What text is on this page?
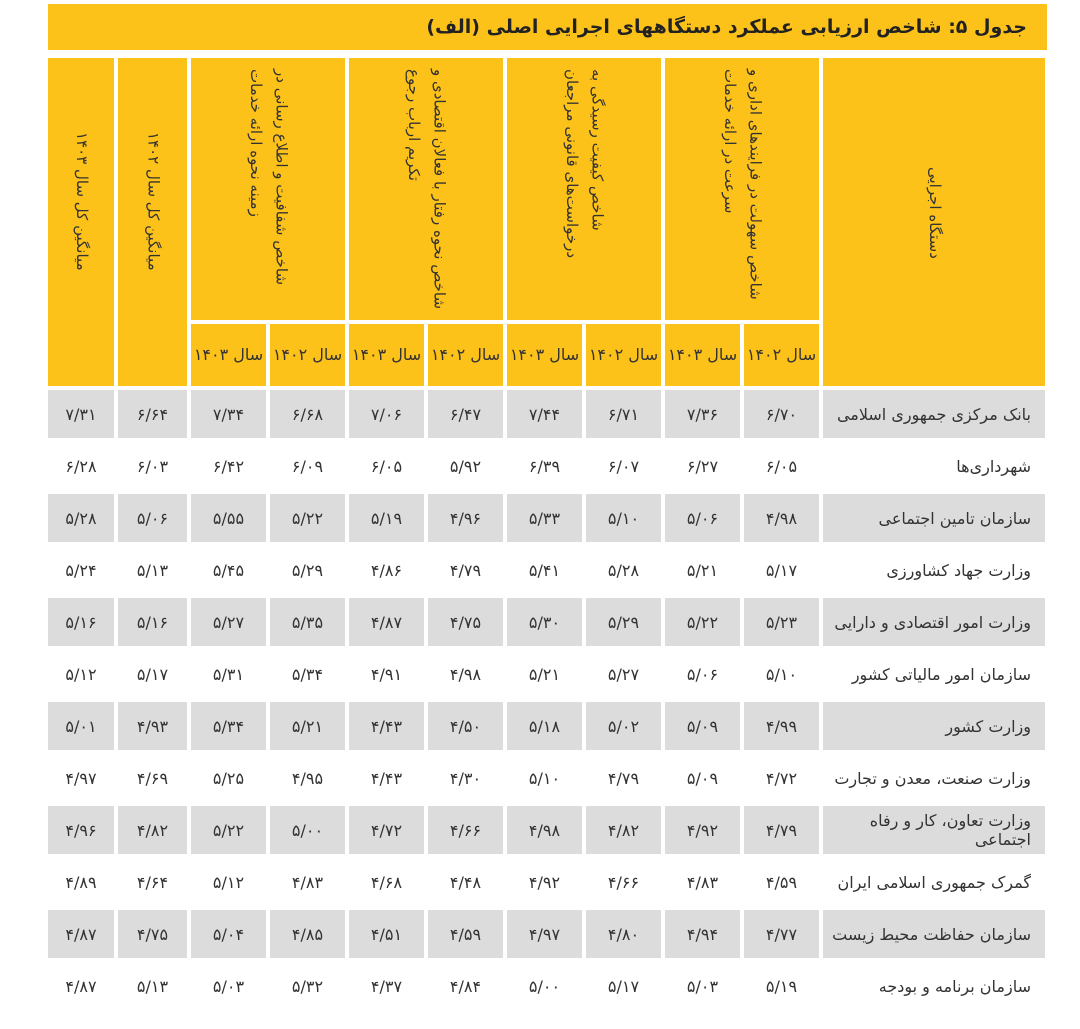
جدول ۵: شاخص ارزیابی عملکرد دستگاههای اجرایی اصلی (الف)
میانگین کل سال ۱۴۰۳	میانگین کل سال ۱۴۰۲	شاخص شفافیت و اطلاع رسانی در زمینه نحوه ارائه خدمات		شاخص نحوه رفتار با فعالان اقتصادی و تکریم ارباب رجوع		شاخص کیفیت رسیدگی به درخواست‌های قانونی مراجعان		شاخص سهولت در فرایندهای اداری و سرعت در ارائه خدمات		دستگاه اجرایی

		سال ۱۴۰۳	سال ۱۴۰۲	سال ۱۴۰۳	سال ۱۴۰۲	سال ۱۴۰۳	سال ۱۴۰۲	سال ۱۴۰۳	سال ۱۴۰۲	
۷/۳۱	۶/۶۴	۷/۳۴	۶/۶۸	۷/۰۶	۶/۴۷	۷/۴۴	۶/۷۱	۷/۳۶	۶/۷۰	بانک مرکزی جمهوری اسلامی
۶/۲۸	۶/۰۳	۶/۴۲	۶/۰۹	۶/۰۵	۵/۹۲	۶/۳۹	۶/۰۷	۶/۲۷	۶/۰۵	شهرداری‌ها
۵/۲۸	۵/۰۶	۵/۵۵	۵/۲۲	۵/۱۹	۴/۹۶	۵/۳۳	۵/۱۰	۵/۰۶	۴/۹۸	سازمان تامین اجتماعی
۵/۲۴	۵/۱۳	۵/۴۵	۵/۲۹	۴/۸۶	۴/۷۹	۵/۴۱	۵/۲۸	۵/۲۱	۵/۱۷	وزارت جهاد کشاورزی
۵/۱۶	۵/۱۶	۵/۲۷	۵/۳۵	۴/۸۷	۴/۷۵	۵/۳۰	۵/۲۹	۵/۲۲	۵/۲۳	وزارت امور اقتصادی و دارایی
۵/۱۲	۵/۱۷	۵/۳۱	۵/۳۴	۴/۹۱	۴/۹۸	۵/۲۱	۵/۲۷	۵/۰۶	۵/۱۰	سازمان امور مالیاتی کشور
۵/۰۱	۴/۹۳	۵/۳۴	۵/۲۱	۴/۴۳	۴/۵۰	۵/۱۸	۵/۰۲	۵/۰۹	۴/۹۹	وزارت کشور
۴/۹۷	۴/۶۹	۵/۲۵	۴/۹۵	۴/۴۳	۴/۳۰	۵/۱۰	۴/۷۹	۵/۰۹	۴/۷۲	وزارت صنعت، معدن و تجارت
۴/۹۶	۴/۸۲	۵/۲۲	۵/۰۰	۴/۷۲	۴/۶۶	۴/۹۸	۴/۸۲	۴/۹۲	۴/۷۹	وزارت تعاون، کار و رفاه اجتماعی
۴/۸۹	۴/۶۴	۵/۱۲	۴/۸۳	۴/۶۸	۴/۴۸	۴/۹۲	۴/۶۶	۴/۸۳	۴/۵۹	گمرک جمهوری اسلامی ایران
۴/۸۷	۴/۷۵	۵/۰۴	۴/۸۵	۴/۵۱	۴/۵۹	۴/۹۷	۴/۸۰	۴/۹۴	۴/۷۷	سازمان حفاظت محیط زیست
۴/۸۷	۵/۱۳	۵/۰۳	۵/۳۲	۴/۳۷	۴/۸۴	۵/۰۰	۵/۱۷	۵/۰۳	۵/۱۹	سازمان برنامه و بودجه
